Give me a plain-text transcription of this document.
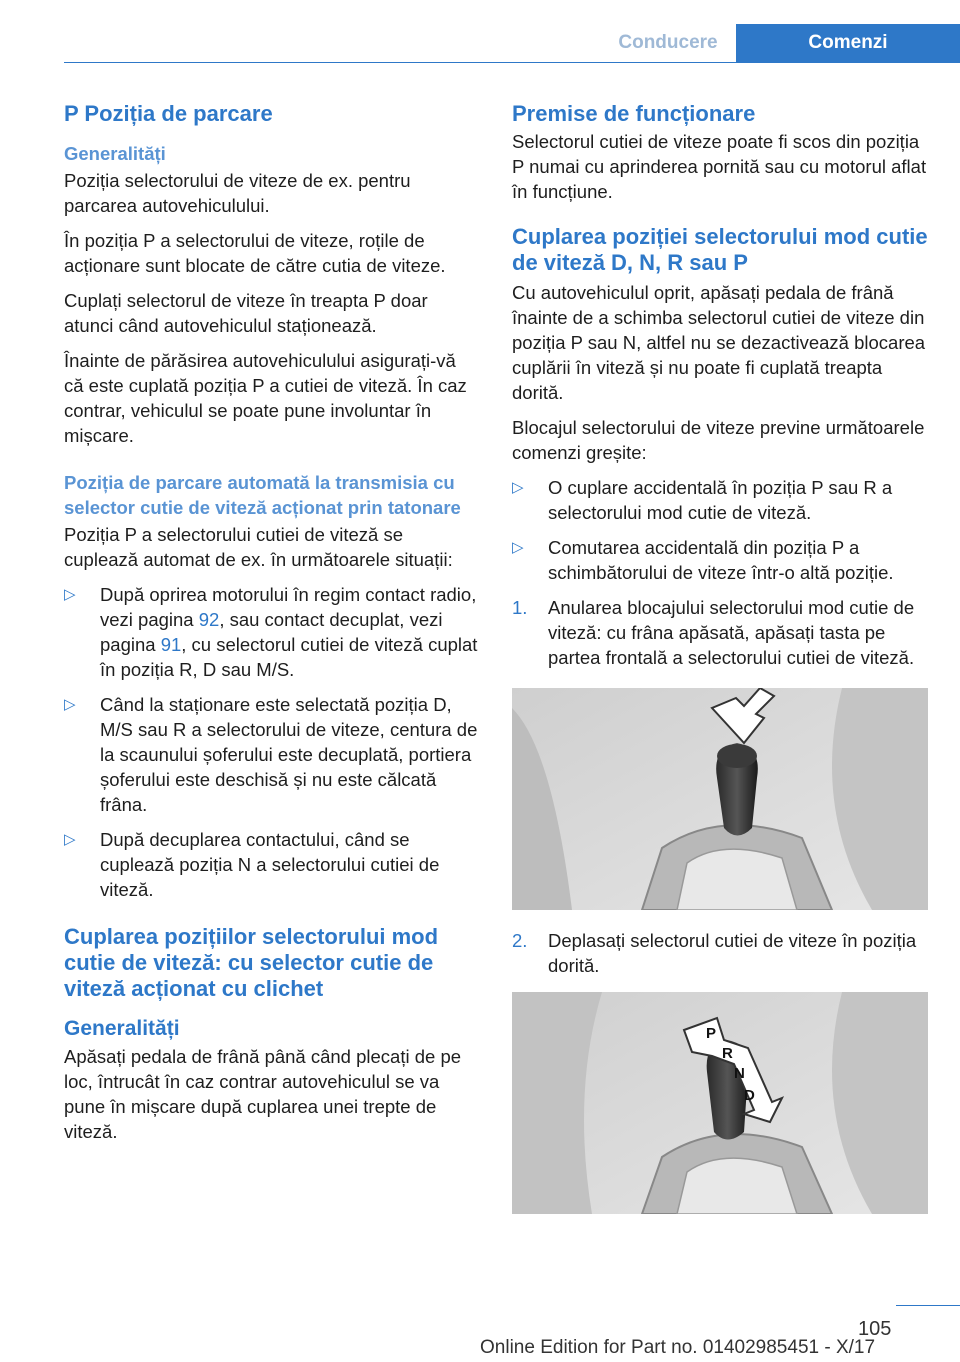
Conducere	Comenzi
P Poziția de parcare
Generalități

Poziția selectorului de viteze de ex. pentru parcarea autovehiculului.

În poziția P a selectorului de viteze, roțile de acționare sunt blocate de către cutia de viteze.

Cuplați selectorul de viteze în treapta P doar atunci când autovehiculul staționează.

Înainte de părăsirea autovehiculului asigurați-vă că este cuplată poziția P a cutiei de viteză. În caz contrar, vehiculul se poate pune involuntar în mișcare.

Poziția de parcare automată la transmisia cu selector cutie de viteză acționat prin tatonare

Poziția P a selectorului cutiei de viteză se cuplează automat de ex. în următoarele situații:

▷	După oprirea motorului în regim contact radio, vezi pagina 92, sau contact decuplat, vezi pagina 91, cu selectorul cutiei de viteză cuplat în poziția R, D sau M/S.
▷	Când la staționare este selectată poziția D, M/S sau R a selectorului de viteze, centura de la scaunului șoferului este decuplată, portiera șoferului este deschisă și nu este călcată frâna.
▷	După decuplarea contactului, când se cuplează poziția N a selectorului cutiei de viteză.
Cuplarea pozițiilor selectorului mod cutie de viteză: cu selector cutie de viteză acționat cu clichet
Generalități

Apăsați pedala de frână până când plecați de pe loc, întrucât în caz contrar autovehiculul se va pune în mișcare după cuplarea unei trepte de viteză.

Premise de funcționare

Selectorul cutiei de viteze poate fi scos din poziția P numai cu aprinderea pornită sau cu motorul aflat în funcțiune.

Cuplarea poziției selectorului mod cutie de viteză D, N, R sau P

Cu autovehiculul oprit, apăsați pedala de frână înainte de a schimba selectorul cutiei de viteze din poziția P sau N, altfel nu se dezactivează blocarea cuplării în viteză și nu poate fi cuplată treapta dorită.

Blocajul selectorului de viteze previne următoarele comenzi greșite:

▷	O cuplare accidentală în poziția P sau R a selectorului mod cutie de viteză.
▷	Comutarea accidentală din poziția P a schimbătorului de viteze într-o altă poziție.
1.	Anularea blocajului selectorului mod cutie de viteză: cu frâna apăsată, apăsați tasta pe partea frontală a selectorului cutiei de viteză.
2.	Deplasați selectorul cutiei de viteze în poziția dorită.
P
R
N
D
105
Online Edition for Part no. 01402985451 - X/17
